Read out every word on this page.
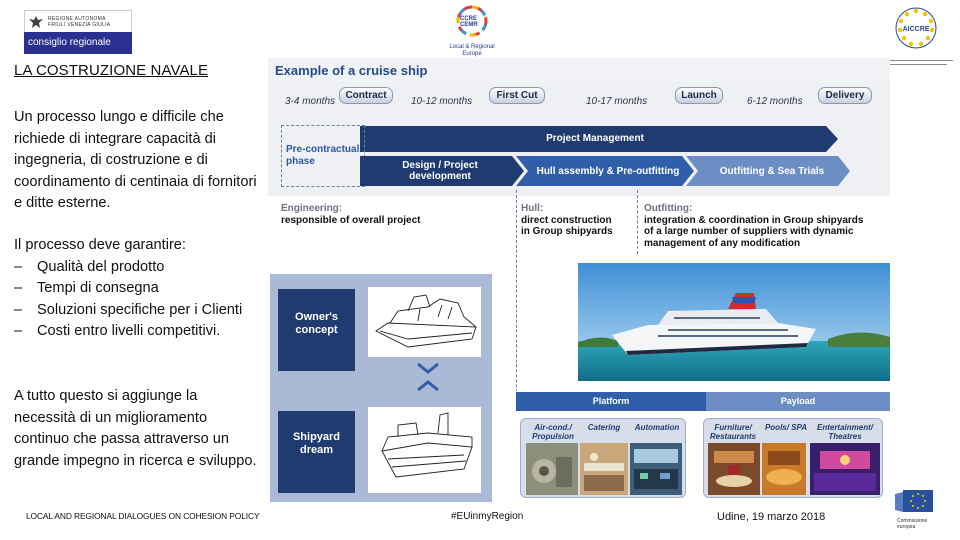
REGIONE AUTONOMA
FRIULI VENEZIA GIULIA
consiglio regionale
CCRE
CEMR
Local & Regional
Europe
AICCRE

LA COSTRUZIONE NAVALE
Un processo lungo e difficile che richiede di integrare capacità di ingegneria, di costruzione e di coordinamento di centinaia di fornitori e ditte esterne.
Il processo deve garantire:
– Qualità del prodotto
– Tempi di consegna
– Soluzioni specifiche per i Clienti
– Costi entro livelli competitivi.
A tutto questo si aggiunge la necessità di un miglioramento continuo che passa attraverso un grande impegno in ricerca e sviluppo.
Example of a cruise ship
3-4 months	10-12 months	10-17 months	6-12 months
Contract	First Cut	Launch	Delivery
Project Management
Pre-contractual
phase	Design / Project development	Hull assembly & Pre-outfitting	Outfitting & Sea Trials
Engineering:
responsible of overall project
Hull:
direct construction
in Group shipyards
Outfitting:
integration & coordination in Group shipyards
of a large number of suppliers with dynamic
management of any modification
Owner's
concept
Shipyard
dream
Platform	Payload
Air-cond./ Propulsion
Catering	Automation	Furniture/ Restaurants
Pools/ SPA	Entertainment/ Theatres
LOCAL AND REGIONAL DIALOGUES ON COHESION POLICY	#EUinmyRegion	Udine, 19 marzo 2018	Commissione
europea
